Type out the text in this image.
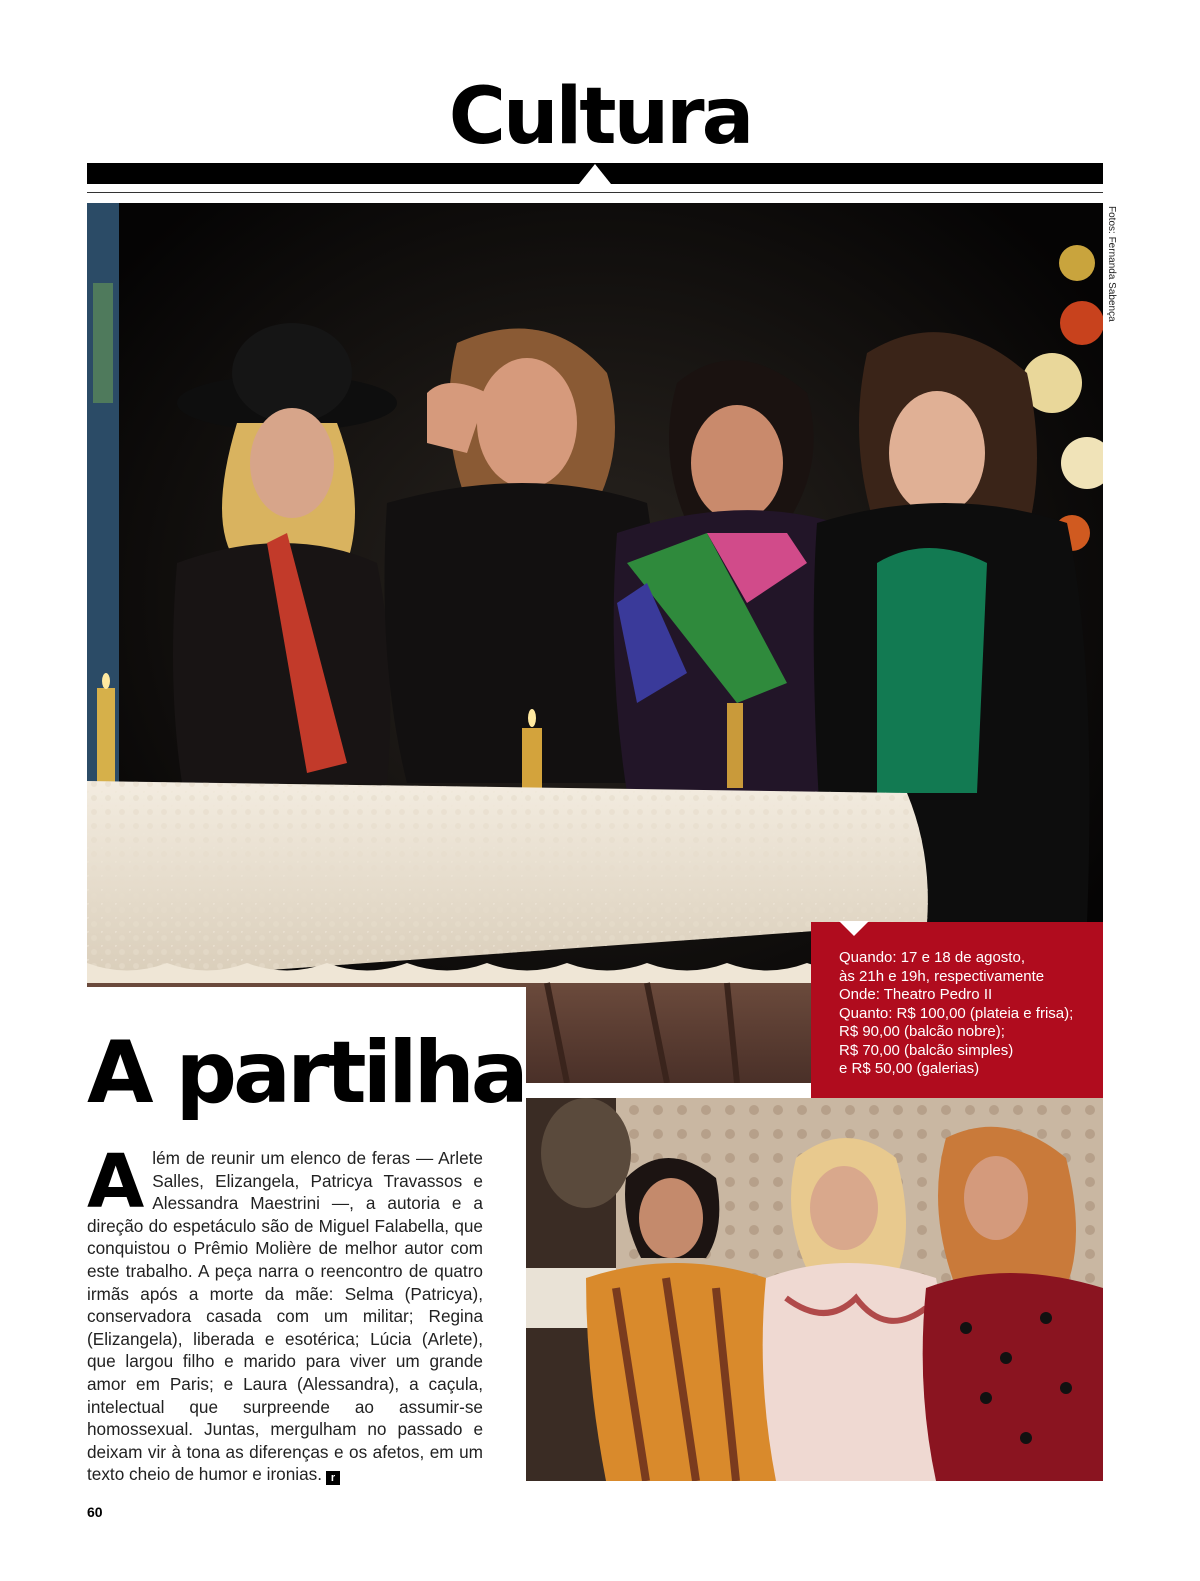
Cultura
Fotos: Fernanda Sabença

Quando: 17 e 18 de agosto,

às 21h e 19h, respectivamente

Onde: Theatro Pedro II

Quanto: R$ 100,00 (plateia e frisa);

R$ 90,00 (balcão nobre);

R$ 70,00 (balcão simples)

e R$ 50,00 (galerias)

A partilha

Além de reunir um elenco de feras — Arlete Salles, Elizangela, Patricya Travassos e Alessandra Maestrini —, a autoria e a direção do espetáculo são de Miguel Falabella, que conquistou o Prêmio Molière de melhor autor com este trabalho. A peça narra o reencontro de quatro irmãs após a morte da mãe: Selma (Patricya), conservadora casada com um militar; Regina (Elizangela), liberada e esotérica; Lúcia (Arlete), que largou filho e marido para viver um grande amor em Paris; e Laura (Alessandra), a caçula, intelectual que surpreende ao assumir-se homossexual. Juntas, mergulham no passado e deixam vir à tona as diferenças e os afetos, em um texto cheio de humor e ironias. r

60
